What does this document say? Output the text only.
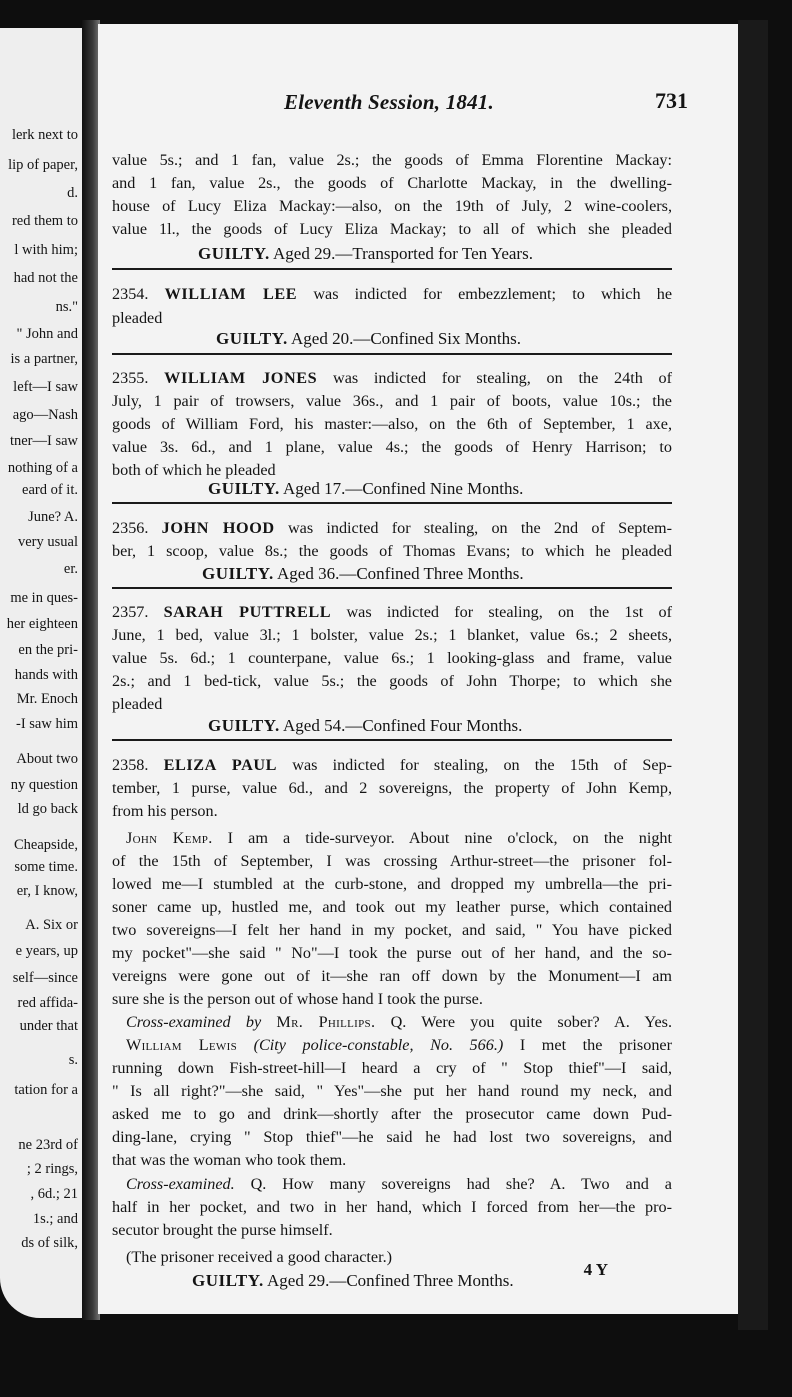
lerk next to
lip of paper,
d.
red them to
l with him;
had not the
ns."
" John and
is a partner,
left—I saw
ago—Nash
tner—I saw
nothing of a
eard of it.
June? A.
very usual
er.
me in ques-
her eighteen
en the pri-
hands with
Mr. Enoch
-I saw him
About two
ny question
ld go back
Cheapside,
some time.
er, I know,
A. Six or
e years, up
self—since
red affida-
under that
s.
tation for a
ne 23rd of
; 2 rings,
, 6d.; 21
1s.; and
ds of silk,
Eleventh Session, 1841.	731
value 5s.; and 1 fan, value 2s.; the goods of Emma Florentine Mackay:
and 1 fan, value 2s., the goods of Charlotte Mackay, in the dwelling-
house of Lucy Eliza Mackay:—also, on the 19th of July, 2 wine-coolers,
value 1l., the goods of Lucy Eliza Mackay; to all of which she pleaded
GUILTY. Aged 29.—Transported for Ten Years.
2354. WILLIAM LEE was indicted for embezzlement; to which he
pleaded
GUILTY. Aged 20.—Confined Six Months.
2355. WILLIAM JONES was indicted for stealing, on the 24th of
July, 1 pair of trowsers, value 36s., and 1 pair of boots, value 10s.; the
goods of William Ford, his master:—also, on the 6th of September, 1 axe,
value 3s. 6d., and 1 plane, value 4s.; the goods of Henry Harrison; to
both of which he pleaded
GUILTY. Aged 17.—Confined Nine Months.
2356. JOHN HOOD was indicted for stealing, on the 2nd of Septem-
ber, 1 scoop, value 8s.; the goods of Thomas Evans; to which he pleaded
GUILTY. Aged 36.—Confined Three Months.
2357. SARAH PUTTRELL was indicted for stealing, on the 1st of
June, 1 bed, value 3l.; 1 bolster, value 2s.; 1 blanket, value 6s.; 2 sheets,
value 5s. 6d.; 1 counterpane, value 6s.; 1 looking-glass and frame, value
2s.; and 1 bed-tick, value 5s.; the goods of John Thorpe; to which she
pleaded
GUILTY. Aged 54.—Confined Four Months.
2358. ELIZA PAUL was indicted for stealing, on the 15th of Sep-
tember, 1 purse, value 6d., and 2 sovereigns, the property of John Kemp,
from his person.
John Kemp. I am a tide-surveyor. About nine o'clock, on the night
of the 15th of September, I was crossing Arthur-street—the prisoner fol-
lowed me—I stumbled at the curb-stone, and dropped my umbrella—the pri-
soner came up, hustled me, and took out my leather purse, which contained
two sovereigns—I felt her hand in my pocket, and said, " You have picked
my pocket"—she said " No"—I took the purse out of her hand, and the so-
vereigns were gone out of it—she ran off down by the Monument—I am
sure she is the person out of whose hand I took the purse.
Cross-examined by Mr. Phillips. Q. Were you quite sober? A. Yes.
William Lewis (City police-constable, No. 566.) I met the prisoner
running down Fish-street-hill—I heard a cry of " Stop thief"—I said,
" Is all right?"—she said, " Yes"—she put her hand round my neck, and
asked me to go and drink—shortly after the prosecutor came down Pud-
ding-lane, crying " Stop thief"—he said he had lost two sovereigns, and
that was the woman who took them.
Cross-examined. Q. How many sovereigns had she? A. Two and a
half in her pocket, and two in her hand, which I forced from her—the pro-
secutor brought the purse himself.
(The prisoner received a good character.)
GUILTY. Aged 29.—Confined Three Months.
4 Y
